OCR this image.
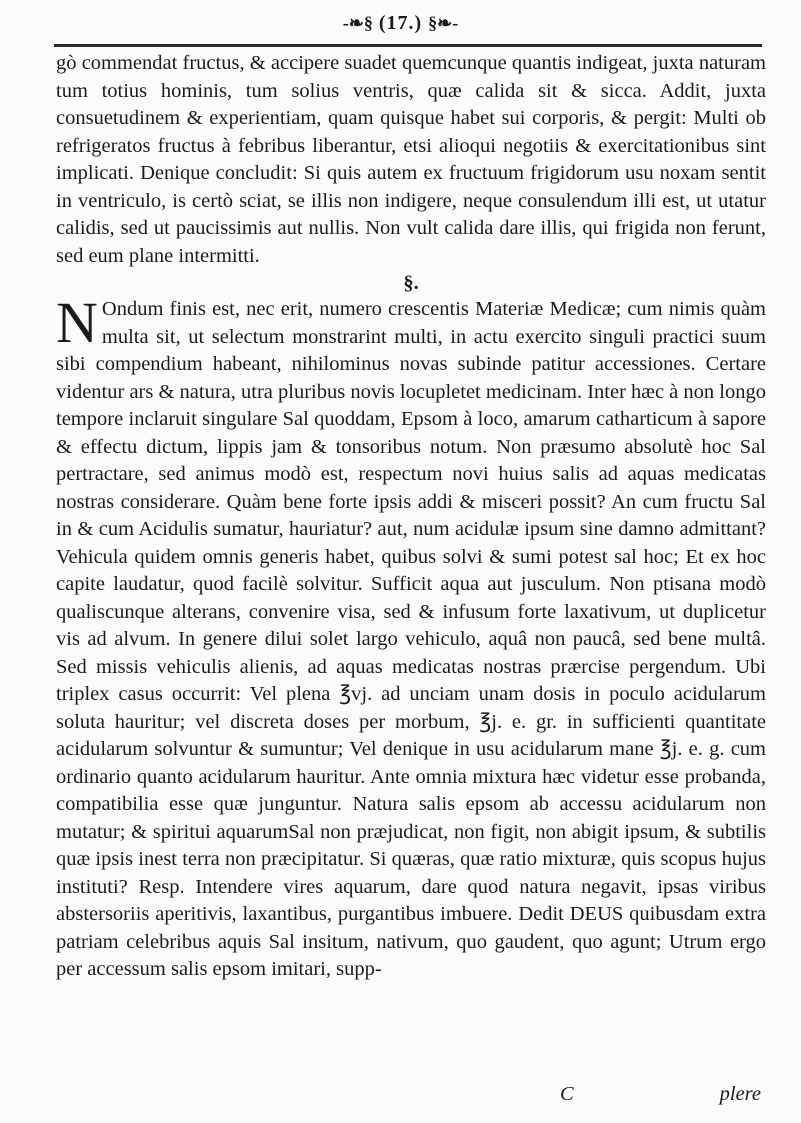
-❧§ (17.) §❧-

gò commendat fructus, & accipere suadet quemcunque quantis indigeat, juxta naturam tum totius hominis, tum solius ventris, quæ calida sit & sicca. Addit, juxta consuetudinem & experientiam, quam quisque habet sui corporis, & pergit: Multi ob refrigeratos fructus à febribus liberantur, etsi alioqui negotiis & exercitationibus sint implicati. Denique concludit: Si quis autem ex fructuum frigidorum usu noxam sentit in ventriculo, is certò sciat, se illis non indigere, neque consulendum illi est, ut utatur calidis, sed ut paucissimis aut nullis. Non vult calida dare illis, qui frigida non ferunt, sed eum plane intermitti.

§.

N Ondum finis est, nec erit, numero crescentis Materiæ Medicæ; cum nimis quàm multa sit, ut selectum monstrarint multi, in actu exercito singuli practici suum sibi compendium habeant, nihilominus novas subinde patitur accessiones. Certare videntur ars & natura, utra pluribus novis locupletet medicinam. Inter hæc à non longo tempore inclaruit singulare Sal quoddam, Epsom à loco, amarum catharticum à sapore & effectu dictum, lippis jam & tonsoribus notum. Non præsumo absolutè hoc Sal pertractare, sed animus modò est, respectum novi huius salis ad aquas medicatas nostras considerare. Quàm bene forte ipsis addi & misceri possit? An cum fructu Sal in & cum Acidulis sumatur, hauriatur? aut, num acidulæ ipsum sine damno admittant? Vehicula quidem omnis generis habet, quibus solvi & sumi potest sal hoc; Et ex hoc capite laudatur, quod facilè solvitur. Sufficit aqua aut jusculum. Non ptisana modò qualiscunque alterans, convenire visa, sed & infusum forte laxativum, ut duplicetur vis ad alvum. In genere dilui solet largo vehiculo, aquâ non paucâ, sed bene multâ. Sed missis vehiculis alienis, ad aquas medicatas nostras prærcise pergendum. Ubi triplex casus occurrit: Vel plena ℥vj. ad unciam unam dosis in poculo acidularum soluta hauritur; vel discreta doses per morbum, ℥j. e. gr. in sufficienti quantitate acidularum solvuntur & sumuntur; Vel denique in usu acidularum mane ℥j. e. g. cum ordinario quanto acidularum hauritur. Ante omnia mixtura hæc videtur esse probanda, compatibilia esse quæ junguntur. Natura salis epsom ab accessu acidularum non mutatur; & spiritui aquarumSal non præjudicat, non figit, non abigit ipsum, & subtilis quæ ipsis inest terra non præcipitatur. Si quæras, quæ ratio mixturæ, quis scopus hujus instituti? Resp. Intendere vires aquarum, dare quod natura negavit, ipsas viribus abstersoriis aperitivis, laxantibus, purgantibus imbuere. Dedit DEUS quibusdam extra patriam celebribus aquis Sal insitum, nativum, quo gaudent, quo agunt; Utrum ergo per accessum salis epsom imitari, supp-

C	plere
